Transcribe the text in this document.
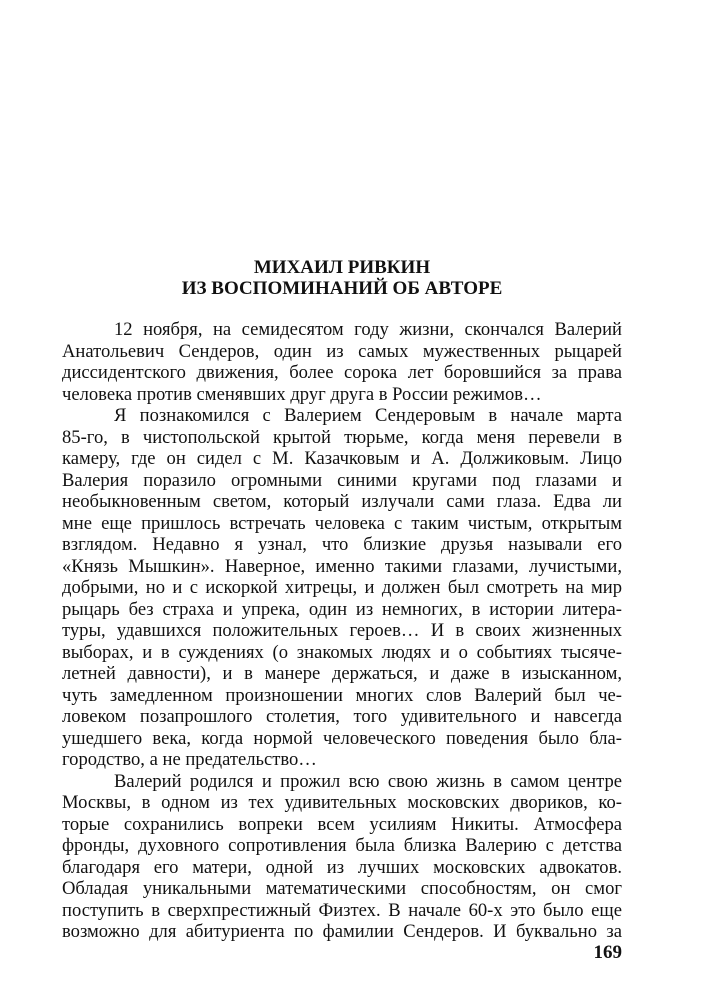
МИХАИЛ РИВКИН
ИЗ ВОСПОМИНАНИЙ ОБ АВТОРЕ
12 ноября, на семидесятом году жизни, скончался Валерий
Анатольевич Сендеров, один из самых мужественных рыцарей
диссидентского движения, более сорока лет боровшийся за права
человека против сменявших друг друга в России режимов…
Я познакомился с Валерием Сендеровым в начале марта
85-го, в чистопольской крытой тюрьме, когда меня перевели в
камеру, где он сидел с М. Казачковым и А. Должиковым. Лицо
Валерия поразило огромными синими кругами под глазами и
необыкновенным светом, который излучали сами глаза. Едва ли
мне еще пришлось встречать человека с таким чистым, открытым
взглядом. Недавно я узнал, что близкие друзья называли его
«Князь Мышкин». Наверное, именно такими глазами, лучистыми,
добрыми, но и с искоркой хитрецы, и должен был смотреть на мир
рыцарь без страха и упрека, один из немногих, в истории литера-
туры, удавшихся положительных героев… И в своих жизненных
выборах, и в суждениях (о знакомых людях и о событиях тысяче-
летней давности), и в манере держаться, и даже в изысканном,
чуть замедленном произношении многих слов Валерий был че-
ловеком позапрошлого столетия, того удивительного и навсегда
ушедшего века, когда нормой человеческого поведения было бла-
городство, а не предательство…
Валерий родился и прожил всю свою жизнь в самом центре
Москвы, в одном из тех удивительных московских двориков, ко-
торые сохранились вопреки всем усилиям Никиты. Атмосфера
фронды, духовного сопротивления была близка Валерию с детства
благодаря его матери, одной из лучших московских адвокатов.
Обладая уникальными математическими способностям, он смог
поступить в сверхпрестижный Физтех. В начале 60-х это было еще
возможно для абитуриента по фамилии Сендеров. И буквально за
169
